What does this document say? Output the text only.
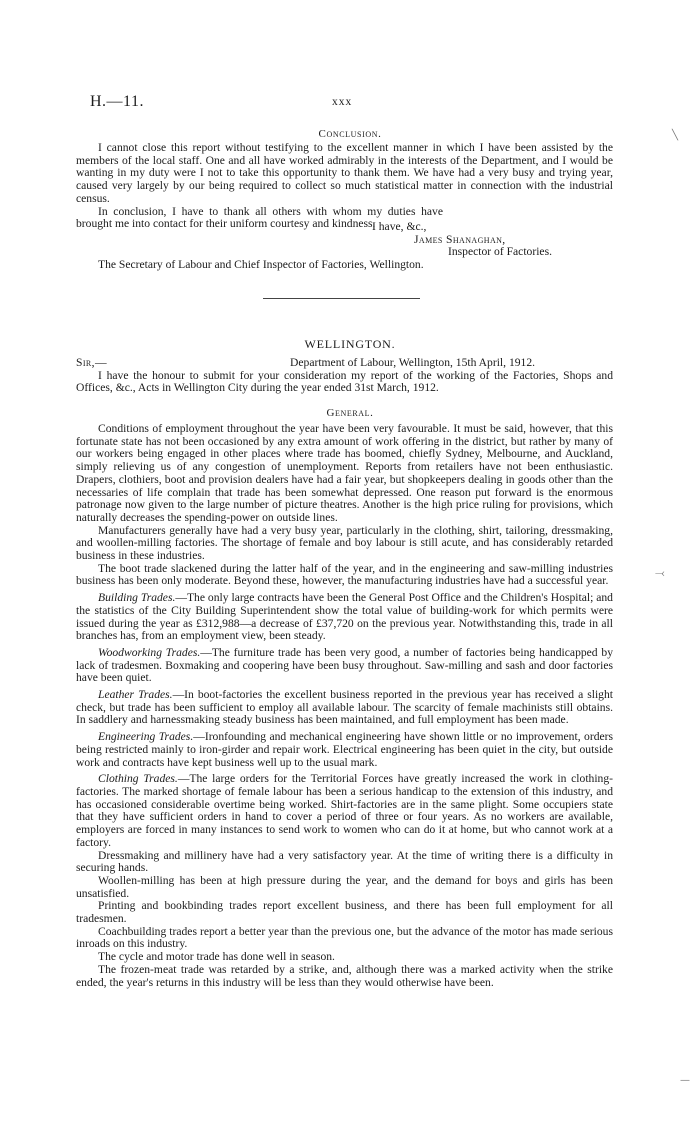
H.—11.	xxx
Conclusion.

I cannot close this report without testifying to the excellent manner in which I have been assisted by the members of the local staff. One and all have worked admirably in the interests of the Department, and I would be wanting in my duty were I not to take this opportunity to thank them. We have had a very busy and trying year, caused very largely by our being required to collect so much statistical matter in connection with the industrial census.

In conclusion, I have to thank all others with whom my duties have brought me into contact for their uniform courtesy and kindness.

I have, &c.,
James Shanaghan,
Inspector of Factories.
The Secretary of Labour and Chief Inspector of Factories, Wellington.
WELLINGTON.
Sir,—	Department of Labour, Wellington, 15th April, 1912.

I have the honour to submit for your consideration my report of the working of the Factories, Shops and Offices, &c., Acts in Wellington City during the year ended 31st March, 1912.

General.

Conditions of employment throughout the year have been very favourable. It must be said, however, that this fortunate state has not been occasioned by any extra amount of work offering in the district, but rather by many of our workers being engaged in other places where trade has boomed, chiefly Sydney, Melbourne, and Auckland, simply relieving us of any congestion of unemployment. Reports from retailers have not been enthusiastic. Drapers, clothiers, boot and provision dealers have had a fair year, but shopkeepers dealing in goods other than the necessaries of life complain that trade has been somewhat depressed. One reason put forward is the enormous patronage now given to the large number of picture theatres. Another is the high price ruling for provisions, which naturally decreases the spending-power on outside lines.

Manufacturers generally have had a very busy year, particularly in the clothing, shirt, tailoring, dressmaking, and woollen-milling factories. The shortage of female and boy labour is still acute, and has considerably retarded business in these industries.

The boot trade slackened during the latter half of the year, and in the engineering and saw-milling industries business has been only moderate. Beyond these, however, the manufacturing industries have had a successful year.

Building Trades.—The only large contracts have been the General Post Office and the Children's Hospital; and the statistics of the City Building Superintendent show the total value of building-work for which permits were issued during the year as £312,988—a decrease of £37,720 on the previous year. Notwithstanding this, trade in all branches has, from an employment view, been steady.

Woodworking Trades.—The furniture trade has been very good, a number of factories being handicapped by lack of tradesmen. Boxmaking and coopering have been busy throughout. Saw-milling and sash and door factories have been quiet.

Leather Trades.—In boot-factories the excellent business reported in the previous year has received a slight check, but trade has been sufficient to employ all available labour. The scarcity of female machinists still obtains. In saddlery and harnessmaking steady business has been maintained, and full employment has been made.

Engineering Trades.—Ironfounding and mechanical engineering have shown little or no improvement, orders being restricted mainly to iron-girder and repair work. Electrical engineering has been quiet in the city, but outside work and contracts have kept business well up to the usual mark.

Clothing Trades.—The large orders for the Territorial Forces have greatly increased the work in clothing-factories. The marked shortage of female labour has been a serious handicap to the extension of this industry, and has occasioned considerable overtime being worked. Shirt-factories are in the same plight. Some occupiers state that they have sufficient orders in hand to cover a period of three or four years. As no workers are available, employers are forced in many instances to send work to women who can do it at home, but who cannot work at a factory.

Dressmaking and millinery have had a very satisfactory year. At the time of writing there is a difficulty in securing hands.

Woollen-milling has been at high pressure during the year, and the demand for boys and girls has been unsatisfied.

Printing and bookbinding trades report excellent business, and there has been full employment for all tradesmen.

Coachbuilding trades report a better year than the previous one, but the advance of the motor has made serious inroads on this industry.

The cycle and motor trade has done well in season.

The frozen-meat trade was retarded by a strike, and, although there was a marked activity when the strike ended, the year's returns in this industry will be less than they would otherwise have been.

╲
⤙
—
